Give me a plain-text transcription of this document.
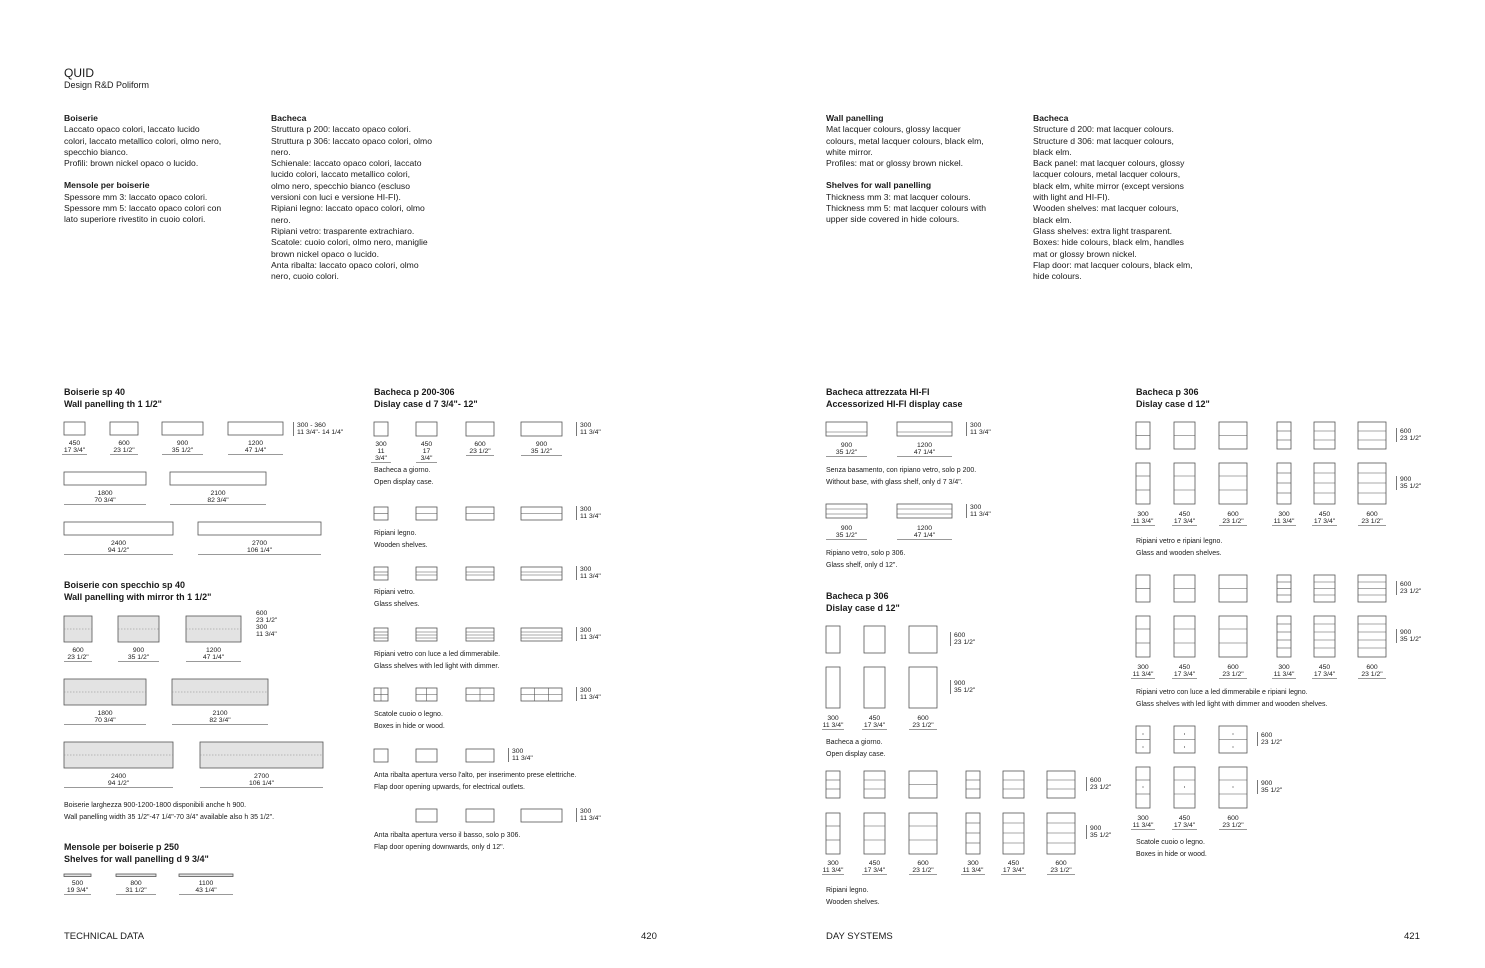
QUID
Design R&D Poliform
Boiserie
Laccato opaco colori, laccato lucido
colori, laccato metallico colori, olmo nero,
specchio bianco.
Profili: brown nickel opaco o lucido.
Mensole per boiserie
Spessore mm 3: laccato opaco colori.
Spessore mm 5: laccato opaco colori con
lato superiore rivestito in cuoio colori.
Bacheca
Struttura p 200: laccato opaco colori.
Struttura p 306: laccato opaco colori, olmo
nero.
Schienale: laccato opaco colori, laccato
lucido colori, laccato metallico colori,
olmo nero, specchio bianco (escluso
versioni con luci e versione HI-FI).
Ripiani legno: laccato opaco colori, olmo
nero.
Ripiani vetro: trasparente extrachiaro.
Scatole: cuoio colori, olmo nero, maniglie
brown nickel opaco o lucido.
Anta ribalta: laccato opaco colori, olmo
nero, cuoio colori.
Wall panelling
Mat lacquer colours, glossy lacquer
colours, metal lacquer colours, black elm,
white mirror.
Profiles: mat or glossy brown nickel.
Shelves for wall panelling
Thickness mm 3: mat lacquer colours.
Thickness mm 5: mat lacquer colours with
upper side covered in hide colours.
Bacheca
Structure d 200: mat lacquer colours.
Structure d 306: mat lacquer colours,
black elm.
Back panel: mat lacquer colours, glossy
lacquer colours, metal lacquer colours,
black elm, white mirror (except versions
with light and HI-FI).
Wooden shelves: mat lacquer colours,
black elm.
Glass shelves: extra light trasparent.
Boxes: hide colours, black elm, handles
mat or glossy brown nickel.
Flap door: mat lacquer colours, black elm,
hide colours.
Boiserie sp 40
Wall panelling th 1 1/2"
Boiserie con specchio sp 40
Wall panelling with mirror th 1 1/2"
Mensole per boiserie p 250
Shelves for wall panelling d 9 3/4"
Bacheca p 200-306
Dislay case d 7 3/4"- 12"
Bacheca attrezzata HI-FI
Accessorized HI-FI display case
Bacheca p 306
Dislay case d 12"
Bacheca p 306
Dislay case d 12"
300 - 360
11 3/4"- 14 1/4"
450
17 3/4"
600
23 1/2"
900
35 1/2"
1200
47 1/4"
1800
70 3/4"
2100
82 3/4"
2400
94 1/2"
2700
106 1/4"
600
23 1/2"
300
11 3/4"
600
23 1/2"
900
35 1/2"
1200
47 1/4"
1800
70 3/4"
2100
82 3/4"
2400
94 1/2"
2700
106 1/4"
Boiserie larghezza 900-1200-1800 disponibili anche h 900.
Wall panelling width 35 1/2"-47 1/4"-70 3/4" available also h 35 1/2".
500
19 3/4"
800
31 1/2"
1100
43 1/4"
300
11 3/4"
450
17 3/4"
600
23 1/2"
900
35 1/2"
300
11 3/4"
300
11 3/4"
300
11 3/4"
300
11 3/4"
300
11 3/4"
300
11 3/4"
300
11 3/4"
Bacheca a giorno.
Open display case.
Ripiani legno.
Wooden shelves.
Ripiani vetro.
Glass shelves.
Ripiani vetro con luce a led dimmerabile.
Glass shelves with led light with dimmer.
Scatole cuoio o legno.
Boxes in hide or wood.
Anta ribalta apertura verso l'alto, per inserimento prese elettriche.
Flap door opening upwards, for electrical outlets.
Anta ribalta apertura verso il basso, solo p 306.
Flap door opening downwards, only d 12".
300
11 3/4"
300
11 3/4"
900
35 1/2"
1200
47 1/4"
900
35 1/2"
1200
47 1/4"
Senza basamento, con ripiano vetro, solo p 200.
Without base, with glass shelf, only d 7 3/4".
Ripiano vetro, solo p 306.
Glass shelf, only d 12".
600
23 1/2"
900
35 1/2"
300
11 3/4"
450
17 3/4"
600
23 1/2"
Bacheca a giorno.
Open display case.
600
23 1/2"
900
35 1/2"
300
11 3/4"
450
17 3/4"
600
23 1/2"
300
11 3/4"
450
17 3/4"
600
23 1/2"
Ripiani legno.
Wooden shelves.
600
23 1/2"
900
35 1/2"
300
11 3/4"
450
17 3/4"
600
23 1/2"
300
11 3/4"
450
17 3/4"
600
23 1/2"
Ripiani vetro e ripiani legno.
Glass and wooden shelves.
600
23 1/2"
900
35 1/2"
300
11 3/4"
450
17 3/4"
600
23 1/2"
300
11 3/4"
450
17 3/4"
600
23 1/2"
Ripiani vetro con luce a led dimmerabile e ripiani legno.
Glass shelves with led light with dimmer and wooden shelves.
600
23 1/2"
900
35 1/2"
300
11 3/4"
450
17 3/4"
600
23 1/2"
Scatole cuoio o legno.
Boxes in hide or wood.
TECHNICAL DATA	420	DAY SYSTEMS	421
